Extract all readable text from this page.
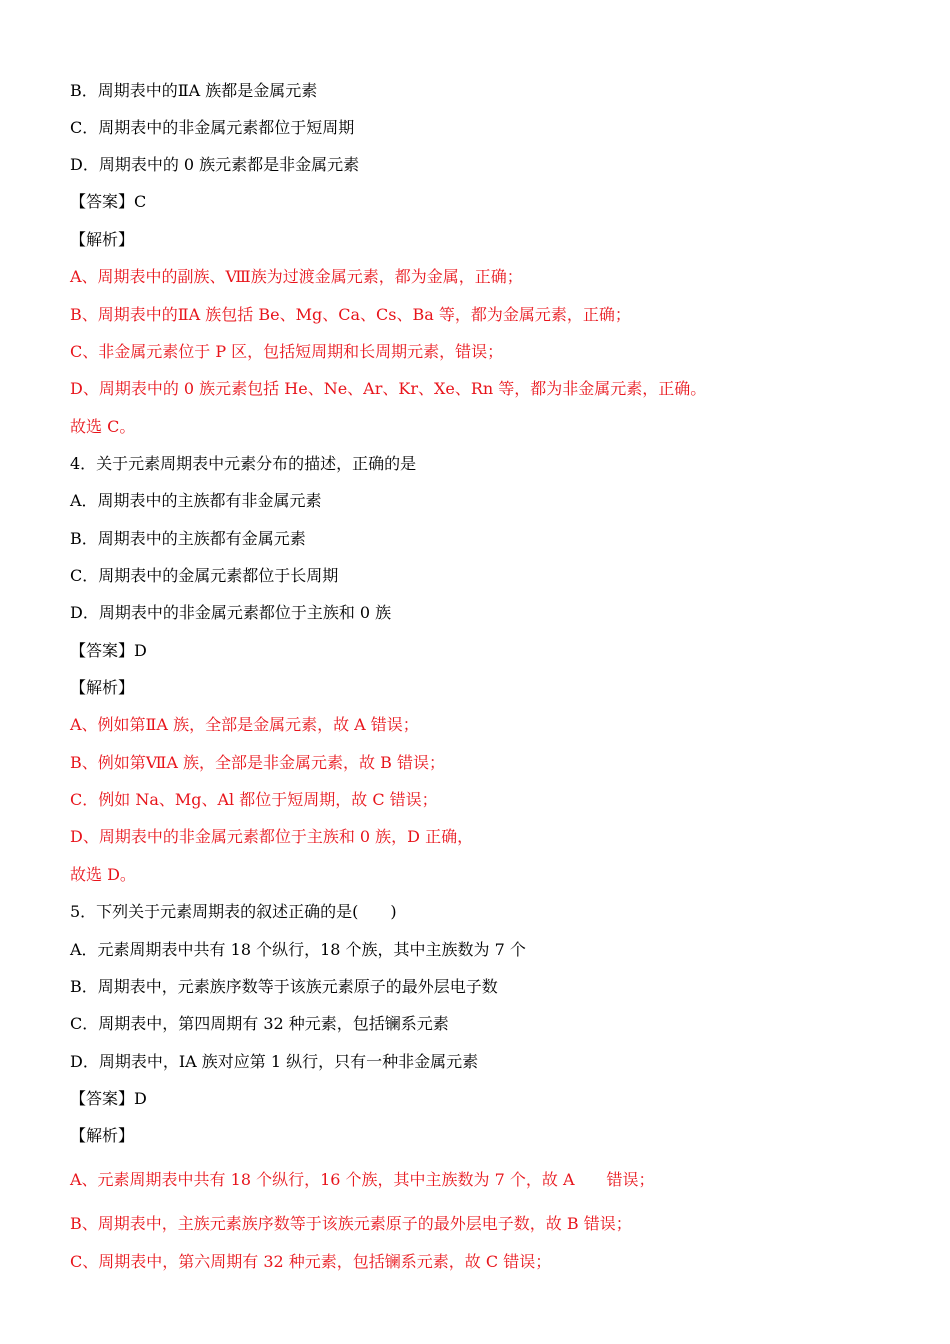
B．周期表中的ⅡA 族都是金属元素
C．周期表中的非金属元素都位于短周期
D．周期表中的 0 族元素都是非金属元素
【答案】C
【解析】
A、周期表中的副族、Ⅷ族为过渡金属元素，都为金属，正确；
B、周期表中的ⅡA 族包括 Be、Mg、Ca、Cs、Ba 等，都为金属元素，正确；
C、非金属元素位于 P 区，包括短周期和长周期元素，错误；
D、周期表中的 0 族元素包括 He、Ne、Ar、Kr、Xe、Rn 等，都为非金属元素，正确。
故选 C。
4．关于元素周期表中元素分布的描述，正确的是
A．周期表中的主族都有非金属元素
B．周期表中的主族都有金属元素
C．周期表中的金属元素都位于长周期
D．周期表中的非金属元素都位于主族和 0 族
【答案】D
【解析】
A、例如第ⅡA 族，全部是金属元素，故 A 错误；
B、例如第ⅦA 族，全部是非金属元素，故 B 错误；
C．例如 Na、Mg、Al 都位于短周期，故 C 错误；
D、周期表中的非金属元素都位于主族和 0 族，D 正确，
故选 D。
5．下列关于元素周期表的叙述正确的是(　　)
A．元素周期表中共有 18 个纵行，18 个族，其中主族数为 7 个
B．周期表中，元素族序数等于该族元素原子的最外层电子数
C．周期表中，第四周期有 32 种元素，包括镧系元素
D．周期表中，ⅠA 族对应第 1 纵行，只有一种非金属元素
【答案】D
【解析】
A、元素周期表中共有 18 个纵行，16 个族，其中主族数为 7 个，故 A　　错误；
B、周期表中，主族元素族序数等于该族元素原子的最外层电子数，故 B 错误；
C、周期表中，第六周期有 32 种元素，包括镧系元素，故 C 错误；
